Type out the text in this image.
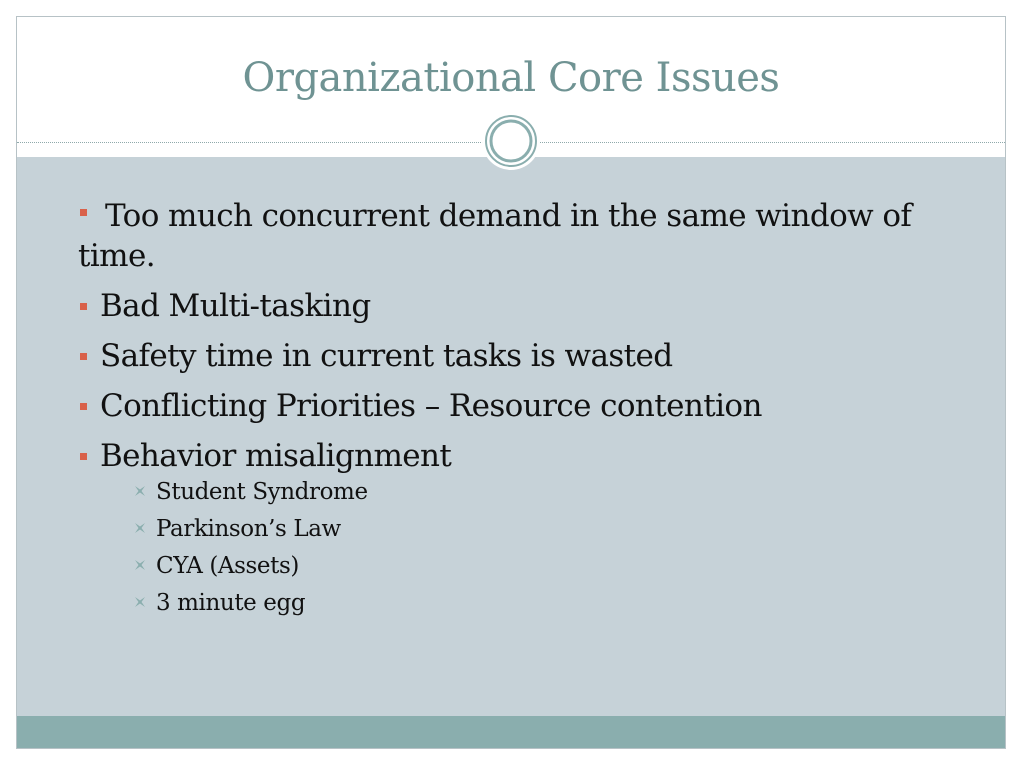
Organizational Core Issues
Too much concurrent demand in the same window of time.
Bad Multi-tasking
Safety time in current tasks is wasted
Conflicting Priorities – Resource contention
Behavior misalignment
Student Syndrome
Parkinson’s Law
CYA (Assets)
3 minute egg
